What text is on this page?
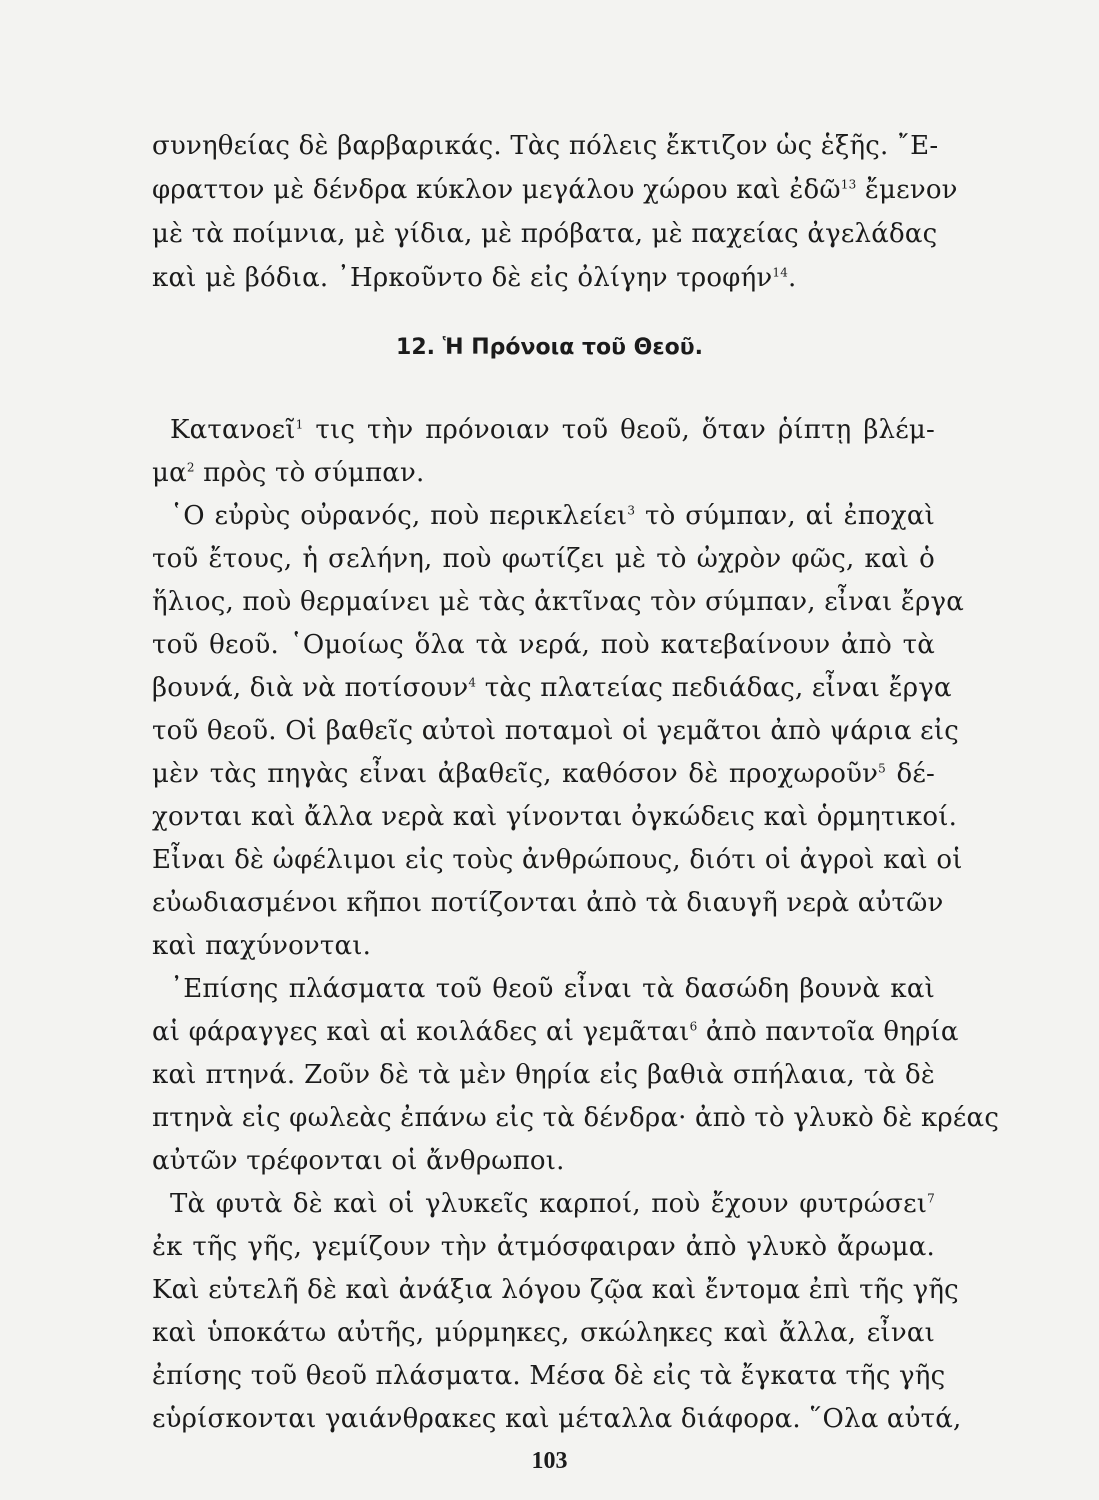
συνηθείας δὲ βαρβαρικάς. Τὰς πόλεις ἔκτιζον ὡς ἑξῆς. ῎Ε-
φραττον μὲ δένδρα κύκλον μεγάλου χώρου καὶ ἐδῶ$^{13}$ ἔμενον
μὲ τὰ ποίμνια, μὲ γίδια, μὲ πρόβατα, μὲ παχείας ἀγελάδας
καὶ μὲ βόδια. ᾿Ηρκοῦντο δὲ εἰς ὀλίγην τροφήν$^{14}$.
12. Ἡ Πρόνοια τοῦ Θεοῦ.
Κατανοεῖ$^1$ τις τὴν πρόνοιαν τοῦ θεοῦ, ὅταν ῥίπτῃ βλέμ-
$\mu\alpha^2$ πρὸς τὸ σύμπαν.
῾Ο εὐρὺς οὐρανός, ποὺ περικλείει$^3$ τὸ σύμπαν, αἱ ἐποχαὶ
τοῦ ἔτους, ἡ σελήνη, ποὺ φωτίζει μὲ τὸ ὠχρὸν φῶς, καὶ ὁ
ἥλιος, ποὺ θερμαίνει μὲ τὰς ἀκτῖνας τὸν σύμπαν, εἶναι ἔργα
τοῦ θεοῦ. ῾Ομοίως ὅλα τὰ νερά, ποὺ κατεβαίνουν ἀπὸ τὰ
βουνά, διὰ νὰ ποτίσουν$^4$ τὰς πλατείας πεδιάδας, εἶναι ἔργα
τοῦ θεοῦ. Οἱ βαθεῖς αὐτοὶ ποταμοὶ οἱ γεμᾶτοι ἀπὸ ψάρια εἰς
μὲν τὰς πηγὰς εἶναι ἀβαθεῖς, καθόσον δὲ προχωροῦν$^5$ δέ-
χονται καὶ ἄλλα νερὰ καὶ γίνονται ὀγκώδεις καὶ ὁρμητικοί.
Εἶναι δὲ ὠφέλιμοι εἰς τοὺς ἀνθρώπους, διότι οἱ ἀγροὶ καὶ οἱ
εὐωδιασμένοι κῆποι ποτίζονται ἀπὸ τὰ διαυγῆ νερὰ αὐτῶν
καὶ παχύνονται.
᾿Επίσης πλάσματα τοῦ θεοῦ εἶναι τὰ δασώδη βουνὰ καὶ
αἱ φάραγγες καὶ αἱ κοιλάδες αἱ γεμᾶται$^6$ ἀπὸ παντοῖα θηρία
καὶ πτηνά. Ζοῦν δὲ τὰ μὲν θηρία εἰς βαθιὰ σπήλαια, τὰ δὲ
πτηνὰ εἰς φωλεὰς ἐπάνω εἰς τὰ δένδρα· ἀπὸ τὸ γλυκὸ δὲ κρέας
αὐτῶν τρέφονται οἱ ἄνθρωποι.
Τὰ φυτὰ δὲ καὶ οἱ γλυκεῖς καρποί, ποὺ ἔχουν φυτρώσει$^7$
ἐκ τῆς γῆς, γεμίζουν τὴν ἀτμόσφαιραν ἀπὸ γλυκὸ ἄρωμα.
Καὶ εὐτελῆ δὲ καὶ ἀνάξια λόγου ζῷα καὶ ἔντομα ἐπὶ τῆς γῆς
καὶ ὑποκάτω αὐτῆς, μύρμηκες, σκώληκες καὶ ἄλλα, εἶναι
ἐπίσης τοῦ θεοῦ πλάσματα. Μέσα δὲ εἰς τὰ ἔγκατα τῆς γῆς
εὑρίσκονται γαιάνθρακες καὶ μέταλλα διάφορα. ῞Ολα αὐτά,
103
